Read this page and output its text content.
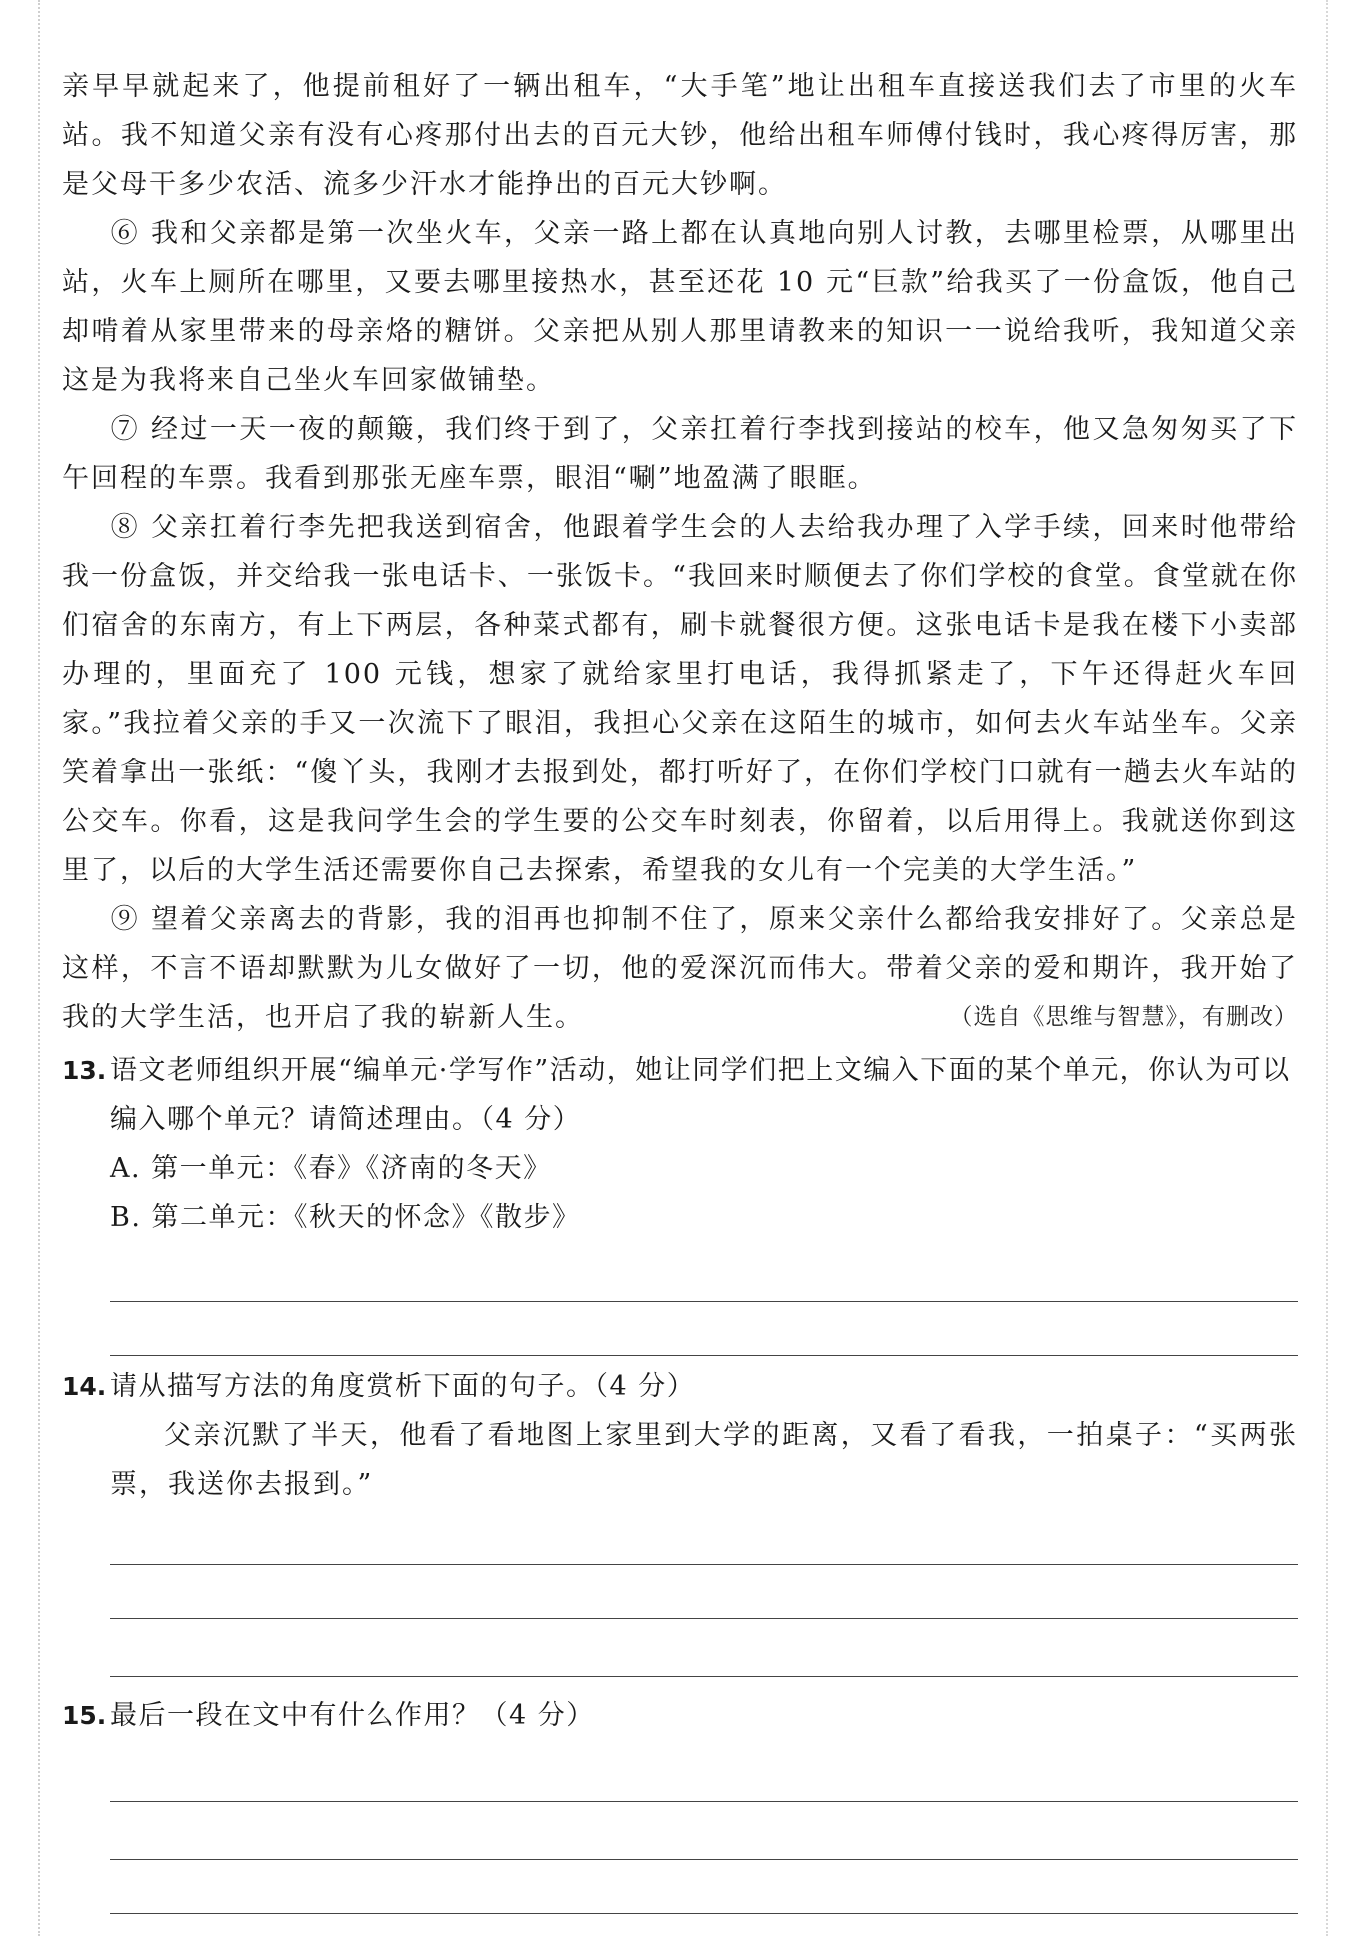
亲早早就起来了，他提前租好了一辆出租车，“大手笔”地让出租车直接送我们去了市里的火车站。我不知道父亲有没有心疼那付出去的百元大钞，他给出租车师傅付钱时，我心疼得厉害，那是父母干多少农活、流多少汗水才能挣出的百元大钞啊。

⑥ 我和父亲都是第一次坐火车，父亲一路上都在认真地向别人讨教，去哪里检票，从哪里出站，火车上厕所在哪里，又要去哪里接热水，甚至还花 10 元“巨款”给我买了一份盒饭，他自己却啃着从家里带来的母亲烙的糖饼。父亲把从别人那里请教来的知识一一说给我听，我知道父亲这是为我将来自己坐火车回家做铺垫。

⑦ 经过一天一夜的颠簸，我们终于到了，父亲扛着行李找到接站的校车，他又急匆匆买了下午回程的车票。我看到那张无座车票，眼泪“唰”地盈满了眼眶。

⑧ 父亲扛着行李先把我送到宿舍，他跟着学生会的人去给我办理了入学手续，回来时他带给我一份盒饭，并交给我一张电话卡、一张饭卡。“我回来时顺便去了你们学校的食堂。食堂就在你们宿舍的东南方，有上下两层，各种菜式都有，刷卡就餐很方便。这张电话卡是我在楼下小卖部办理的，里面充了 100 元钱，想家了就给家里打电话，我得抓紧走了，下午还得赶火车回家。”我拉着父亲的手又一次流下了眼泪，我担心父亲在这陌生的城市，如何去火车站坐车。父亲笑着拿出一张纸：“傻丫头，我刚才去报到处，都打听好了，在你们学校门口就有一趟去火车站的公交车。你看，这是我问学生会的学生要的公交车时刻表，你留着，以后用得上。我就送你到这里了，以后的大学生活还需要你自己去探索，希望我的女儿有一个完美的大学生活。”

⑨ 望着父亲离去的背影，我的泪再也抑制不住了，原来父亲什么都给我安排好了。父亲总是这样，不言不语却默默为儿女做好了一切，他的爱深沉而伟大。带着父亲的爱和期许，我开始了我的大学生活，也开启了我的崭新人生。	（选自《思维与智慧》，有删改）
13. 语文老师组织开展“编单元·学写作”活动，她让同学们把上文编入下面的某个单元，你认为可以编入哪个单元？请简述理由。（4 分）
A. 第一单元：《春》《济南的冬天》
B. 第二单元：《秋天的怀念》《散步》
14. 请从描写方法的角度赏析下面的句子。（4 分）
父亲沉默了半天，他看了看地图上家里到大学的距离，又看了看我，一拍桌子：“买两张票，我送你去报到。”
15. 最后一段在文中有什么作用？（4 分）
